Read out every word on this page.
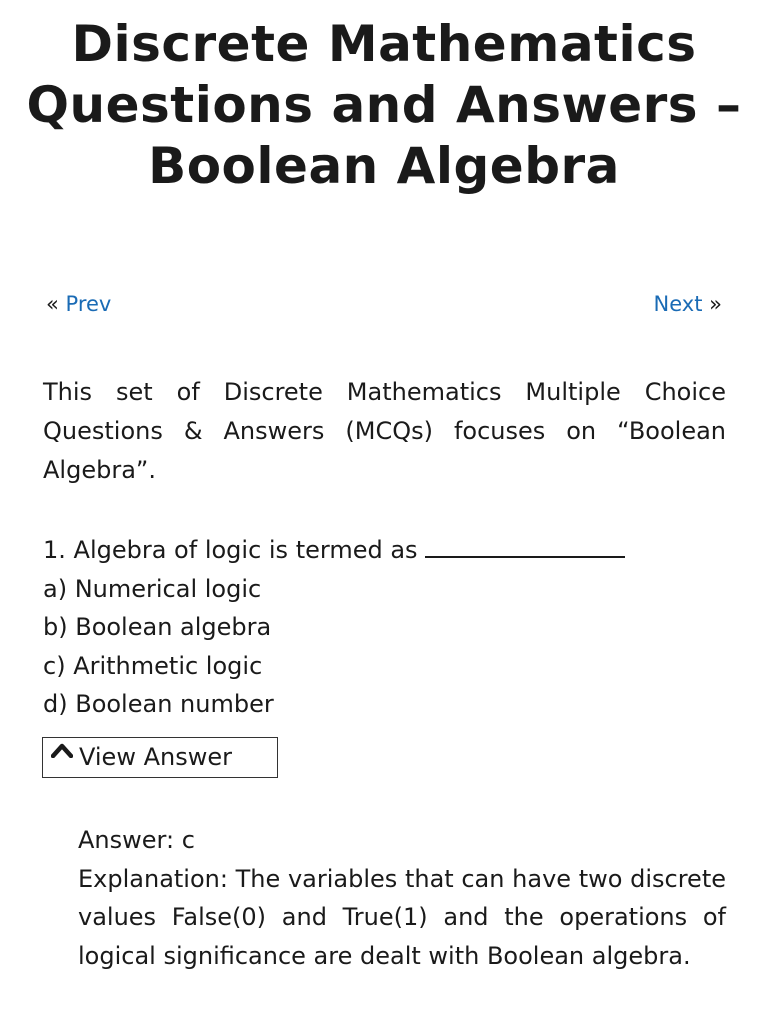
Discrete Mathematics Questions and Answers – Boolean Algebra
« Prev	Next »

This set of Discrete Mathematics Multiple Choice Questions & Answers (MCQs) focuses on “Boolean Algebra”.

1. Algebra of logic is termed as
a) Numerical logic
b) Boolean algebra
c) Arithmetic logic
d) Boolean number
View Answer

Answer: c

Explanation: The variables that can have two discrete values False(0) and True(1) and the operations of logical significance are dealt with Boolean algebra.
